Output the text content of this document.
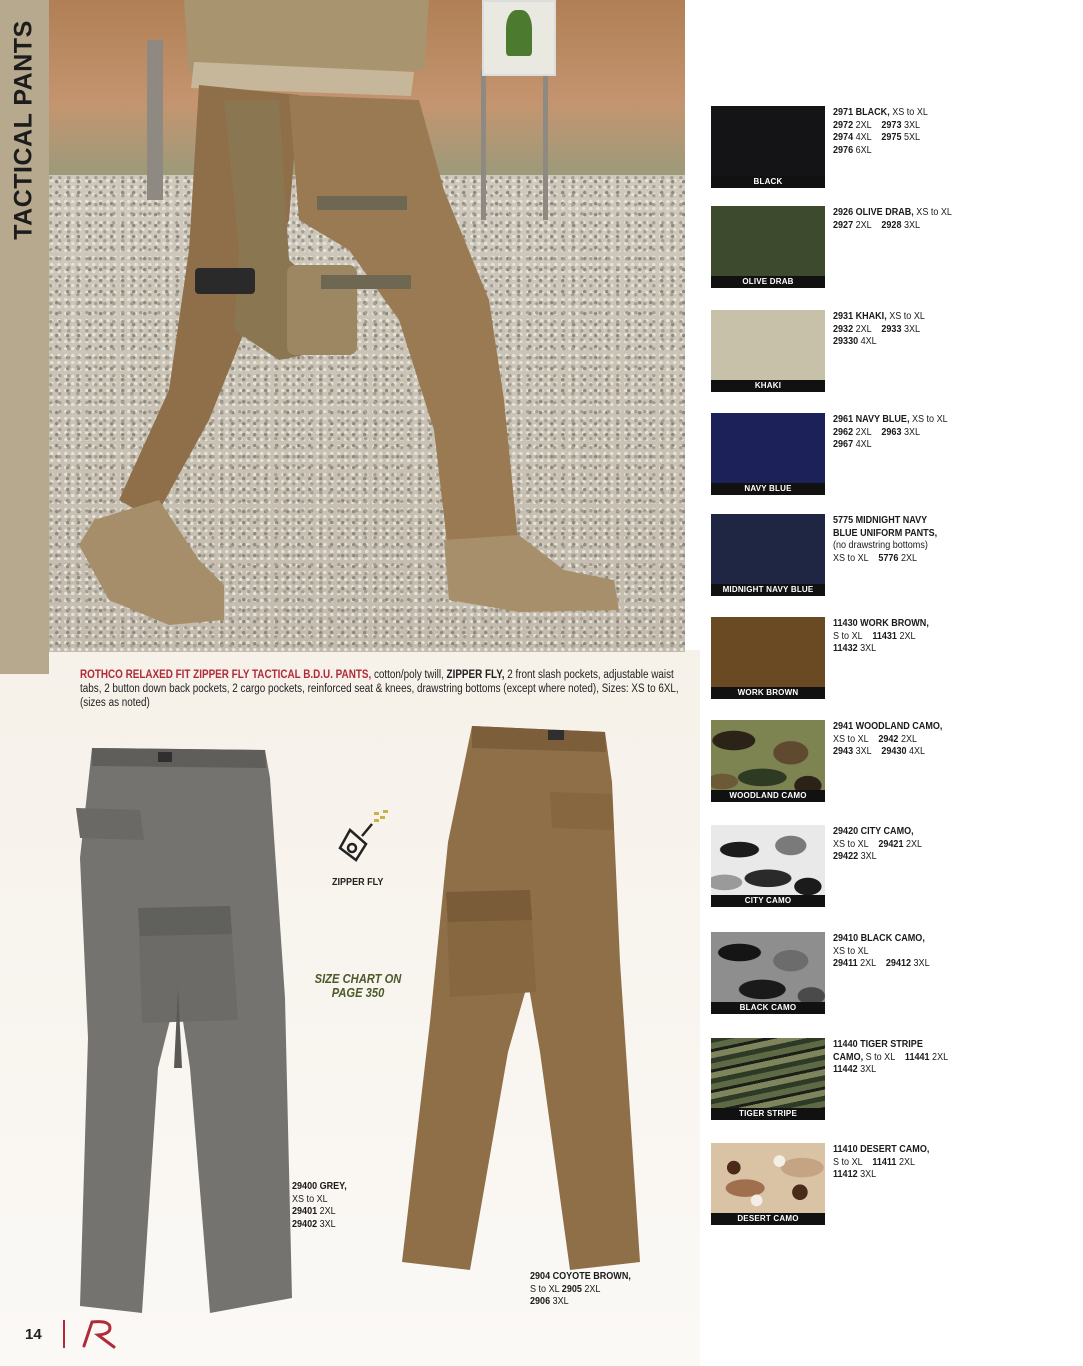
TACTICAL PANTS	BLACK
2971 BLACK, XS to XL
2972 2XL    2973 3XL
2974 4XL    2975 5XL
2976 6XL
OLIVE DRAB
2926 OLIVE DRAB, XS to XL
2927 2XL    2928 3XL
KHAKI
2931 KHAKI, XS to XL
2932 2XL    2933 3XL
29330 4XL
NAVY BLUE
2961 NAVY BLUE, XS to XL
2962 2XL    2963 3XL
2967 4XL
MIDNIGHT NAVY BLUE
5775 MIDNIGHT NAVY
BLUE UNIFORM PANTS,
(no drawstring bottoms)
XS to XL    5776 2XL
WORK BROWN
11430 WORK BROWN,
S to XL    11431 2XL
11432 3XL
WOODLAND CAMO
2941 WOODLAND CAMO,
XS to XL    2942 2XL
2943 3XL    29430 4XL
CITY CAMO
29420 CITY CAMO,
XS to XL    29421 2XL
29422 3XL
BLACK CAMO
29410 BLACK CAMO,
XS to XL
29411 2XL    29412 3XL
TIGER STRIPE
11440 TIGER STRIPE
CAMO, S to XL    11441 2XL
11442 3XL
DESERT CAMO
11410 DESERT CAMO,
S to XL    11411 2XL
11412 3XL
ROTHCO RELAXED FIT ZIPPER FLY TACTICAL B.D.U. PANTS, cotton/poly twill, ZIPPER FLY, 2 front slash pockets, adjustable waist tabs, 2 button down back pockets, 2 cargo pockets, reinforced seat & knees, drawstring bottoms (except where noted), Sizes: XS to 6XL, (sizes as noted)
29400 GREY,
XS to XL
29401 2XL
29402 3XL
ZIPPER FLY
SIZE CHART ON
PAGE 350
2904 COYOTE BROWN,
S to XL 2905 2XL
2906 3XL
14
